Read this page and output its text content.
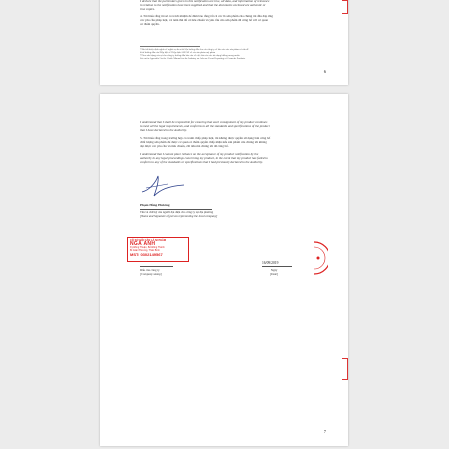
I declare that the particulars given in this notification are true, all data, and information of relevance
in relation to the notification have been supplied and that the documents enclosed are authentic or
true copies.
4. Tôi hiểu rằng tôi sẽ có trách nhiệm để đảm bảo rằng tất cả các lô sản phẩm của chúng tôi đều đáp ứng
các yêu cầu pháp luật, và tuân thủ tất cả tiêu chuẩn và yêu cầu của sản phẩm đã công bố với cơ quan
có thẩm quyền.
¹ Như đã được định nghĩa về nghĩa vụ theo tài liệu hướng dẫn cho các công ty về báo cáo các sản phẩm có vấn đề
là từ hướng dẫn của Hiệp hội về Hiệp định ASEAN về các sản phẩm mỹ phẩm
² Theo như dụng của sự cho công ty hướng dẫn báo cáo về việc báo cáo các tác dụng không mong muốn
Set out in Appendix I to the Guide Manual for the Industry on Adverse Event Reporting of Cosmetic Products
6
I understand that I shall be responsible for ensuring that each consignment of my product continues
to meet all the legal requirements, and conforms to all the standards and specifications of the product
that I have declared to the Authority.
5. Tôi hiểu rằng trong trường hợp có tranh chấp pháp luật, tôi không được quyền sử dụng bản công bố
chất lượng sản phẩm để được cơ quan có thẩm quyền chấp nhận nếu sản phẩm của chúng tôi không
đạt được các yêu cầu và tiêu chuẩn, chỉ tiêu mà chúng tôi đã công bố.
I understand that I cannot place reliance on the acceptance of my product notification by the
authority in any legal proceedings concerning my product, in the event that my product has failed to
conform to any of the standards or specifications that I had previously declared to the Authority.
Phạm Hồng Phương
Tên và chữ ký của người đại diện cho công ty tại địa phương
[Name and Signature of person representing the local company]
CÔ SỞ HỘI CẦN LÀ NI PHẦM
NGÁ ANH
Kỳ Đồng Thuận, Bỏ Đồng Thành
Bì Giản Phương, Thân Bình
MST: 0302149567
16/09/2019
Dấu của công ty
[Company stamp]
Ngày
[Date]
7
